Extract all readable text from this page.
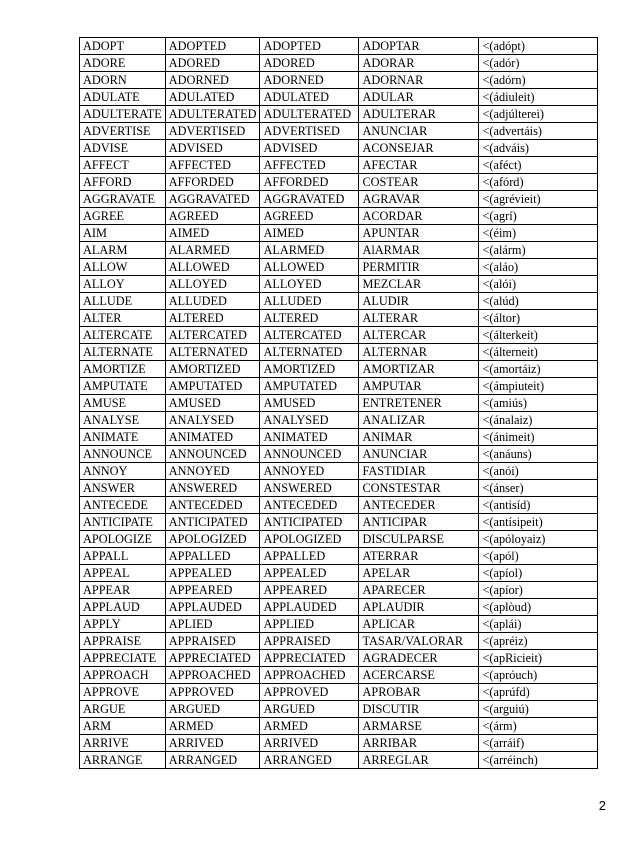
ADOPT	ADOPTED	ADOPTED	ADOPTAR	<(adópt)
ADORE	ADORED	ADORED	ADORAR	<(adór)
ADORN	ADORNED	ADORNED	ADORNAR	<(adórn)
ADULATE	ADULATED	ADULATED	ADULAR	<(ádiuleit)
ADULTERATE	ADULTERATED	ADULTERATED	ADULTERAR	<(adjúlterei)
ADVERTISE	ADVERTISED	ADVERTISED	ANUNCIAR	<(advertáis)
ADVISE	ADVISED	ADVISED	ACONSEJAR	<(adváis)
AFFECT	AFFECTED	AFFECTED	AFECTAR	<(aféct)
AFFORD	AFFORDED	AFFORDED	COSTEAR	<(afórd)
AGGRAVATE	AGGRAVATED	AGGRAVATED	AGRAVAR	<(agrévieit)
AGREE	AGREED	AGREED	ACORDAR	<(agrí)
AIM	AIMED	AIMED	APUNTAR	<(éim)
ALARM	ALARMED	ALARMED	AlARMAR	<(alárm)
ALLOW	ALLOWED	ALLOWED	PERMITIR	<(aláo)
ALLOY	ALLOYED	ALLOYED	MEZCLAR	<(alói)
ALLUDE	ALLUDED	ALLUDED	ALUDIR	<(alúd)
ALTER	ALTERED	ALTERED	ALTERAR	<(áltor)
ALTERCATE	ALTERCATED	ALTERCATED	ALTERCAR	<(álterkeit)
ALTERNATE	ALTERNATED	ALTERNATED	ALTERNAR	<(álterneit)
AMORTIZE	AMORTIZED	AMORTIZED	AMORTIZAR	<(amortáiz)
AMPUTATE	AMPUTATED	AMPUTATED	AMPUTAR	<(ámpiuteit)
AMUSE	AMUSED	AMUSED	ENTRETENER	<(amiús)
ANALYSE	ANALYSED	ANALYSED	ANALIZAR	<(ánalaiz)
ANIMATE	ANIMATED	ANIMATED	ANIMAR	<(ánimeit)
ANNOUNCE	ANNOUNCED	ANNOUNCED	ANUNCIAR	<(anáuns)
ANNOY	ANNOYED	ANNOYED	FASTIDIAR	<(anói)
ANSWER	ANSWERED	ANSWERED	CONSTESTAR	<(ánser)
ANTECEDE	ANTECEDED	ANTECEDED	ANTECEDER	<(antisíd)
ANTICIPATE	ANTICIPATED	ANTICIPATED	ANTICIPAR	<(antísipeit)
APOLOGIZE	APOLOGIZED	APOLOGIZED	DISCULPARSE	<(apóloyaiz)
APPALL	APPALLED	APPALLED	ATERRAR	<(apól)
APPEAL	APPEALED	APPEALED	APELAR	<(apíol)
APPEAR	APPEARED	APPEARED	APARECER	<(apíor)
APPLAUD	APPLAUDED	APPLAUDED	APLAUDIR	<(aplòud)
APPLY	APLIED	APPLIED	APLICAR	<(aplái)
APPRAISE	APPRAISED	APPRAISED	TASAR/VALORAR	<(apréiz)
APPRECIATE	APPRECIATED	APPRECIATED	AGRADECER	<(apRicieit)
APPROACH	APPROACHED	APPROACHED	ACERCARSE	<(apróuch)
APPROVE	APPROVED	APPROVED	APROBAR	<(aprúfd)
ARGUE	ARGUED	ARGUED	DISCUTIR	<(arguiú)
ARM	ARMED	ARMED	ARMARSE	<(árm)
ARRIVE	ARRIVED	ARRIVED	ARRIBAR	<(arráif)
ARRANGE	ARRANGED	ARRANGED	ARREGLAR	<(arréinch)
2
